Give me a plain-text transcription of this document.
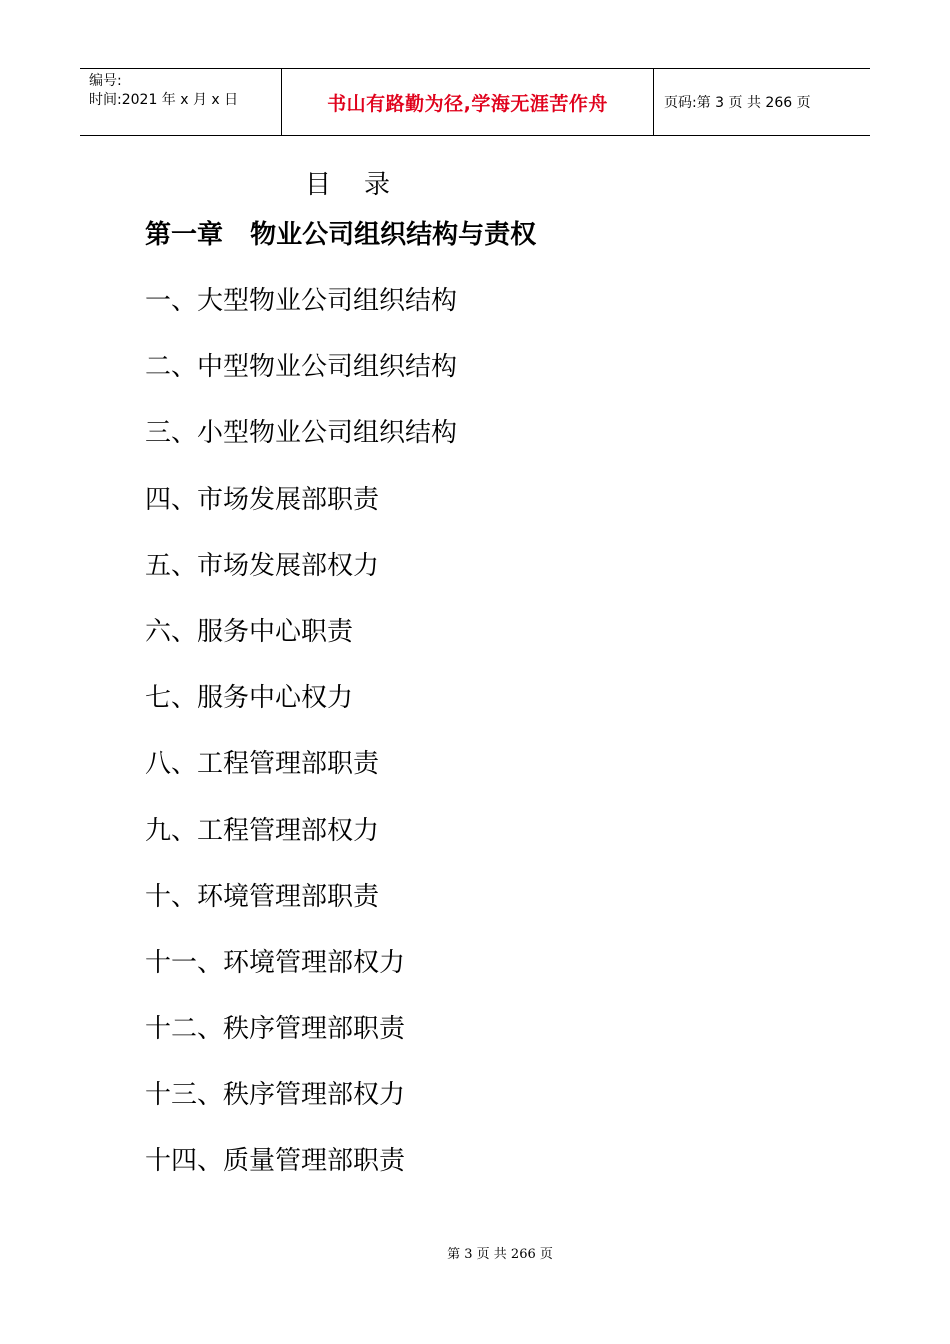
编号:
时间:2021 年 x 月 x 日	书山有路勤为径,学海无涯苦作舟	页码:第 3 页 共 266 页
目    录
第一章   物业公司组织结构与责权
一、大型物业公司组织结构
二、中型物业公司组织结构
三、小型物业公司组织结构
四、市场发展部职责
五、市场发展部权力
六、服务中心职责
七、服务中心权力
八、工程管理部职责
九、工程管理部权力
十、环境管理部职责
十一、环境管理部权力
十二、秩序管理部职责
十三、秩序管理部权力
十四、质量管理部职责
第 3 页 共 266 页
